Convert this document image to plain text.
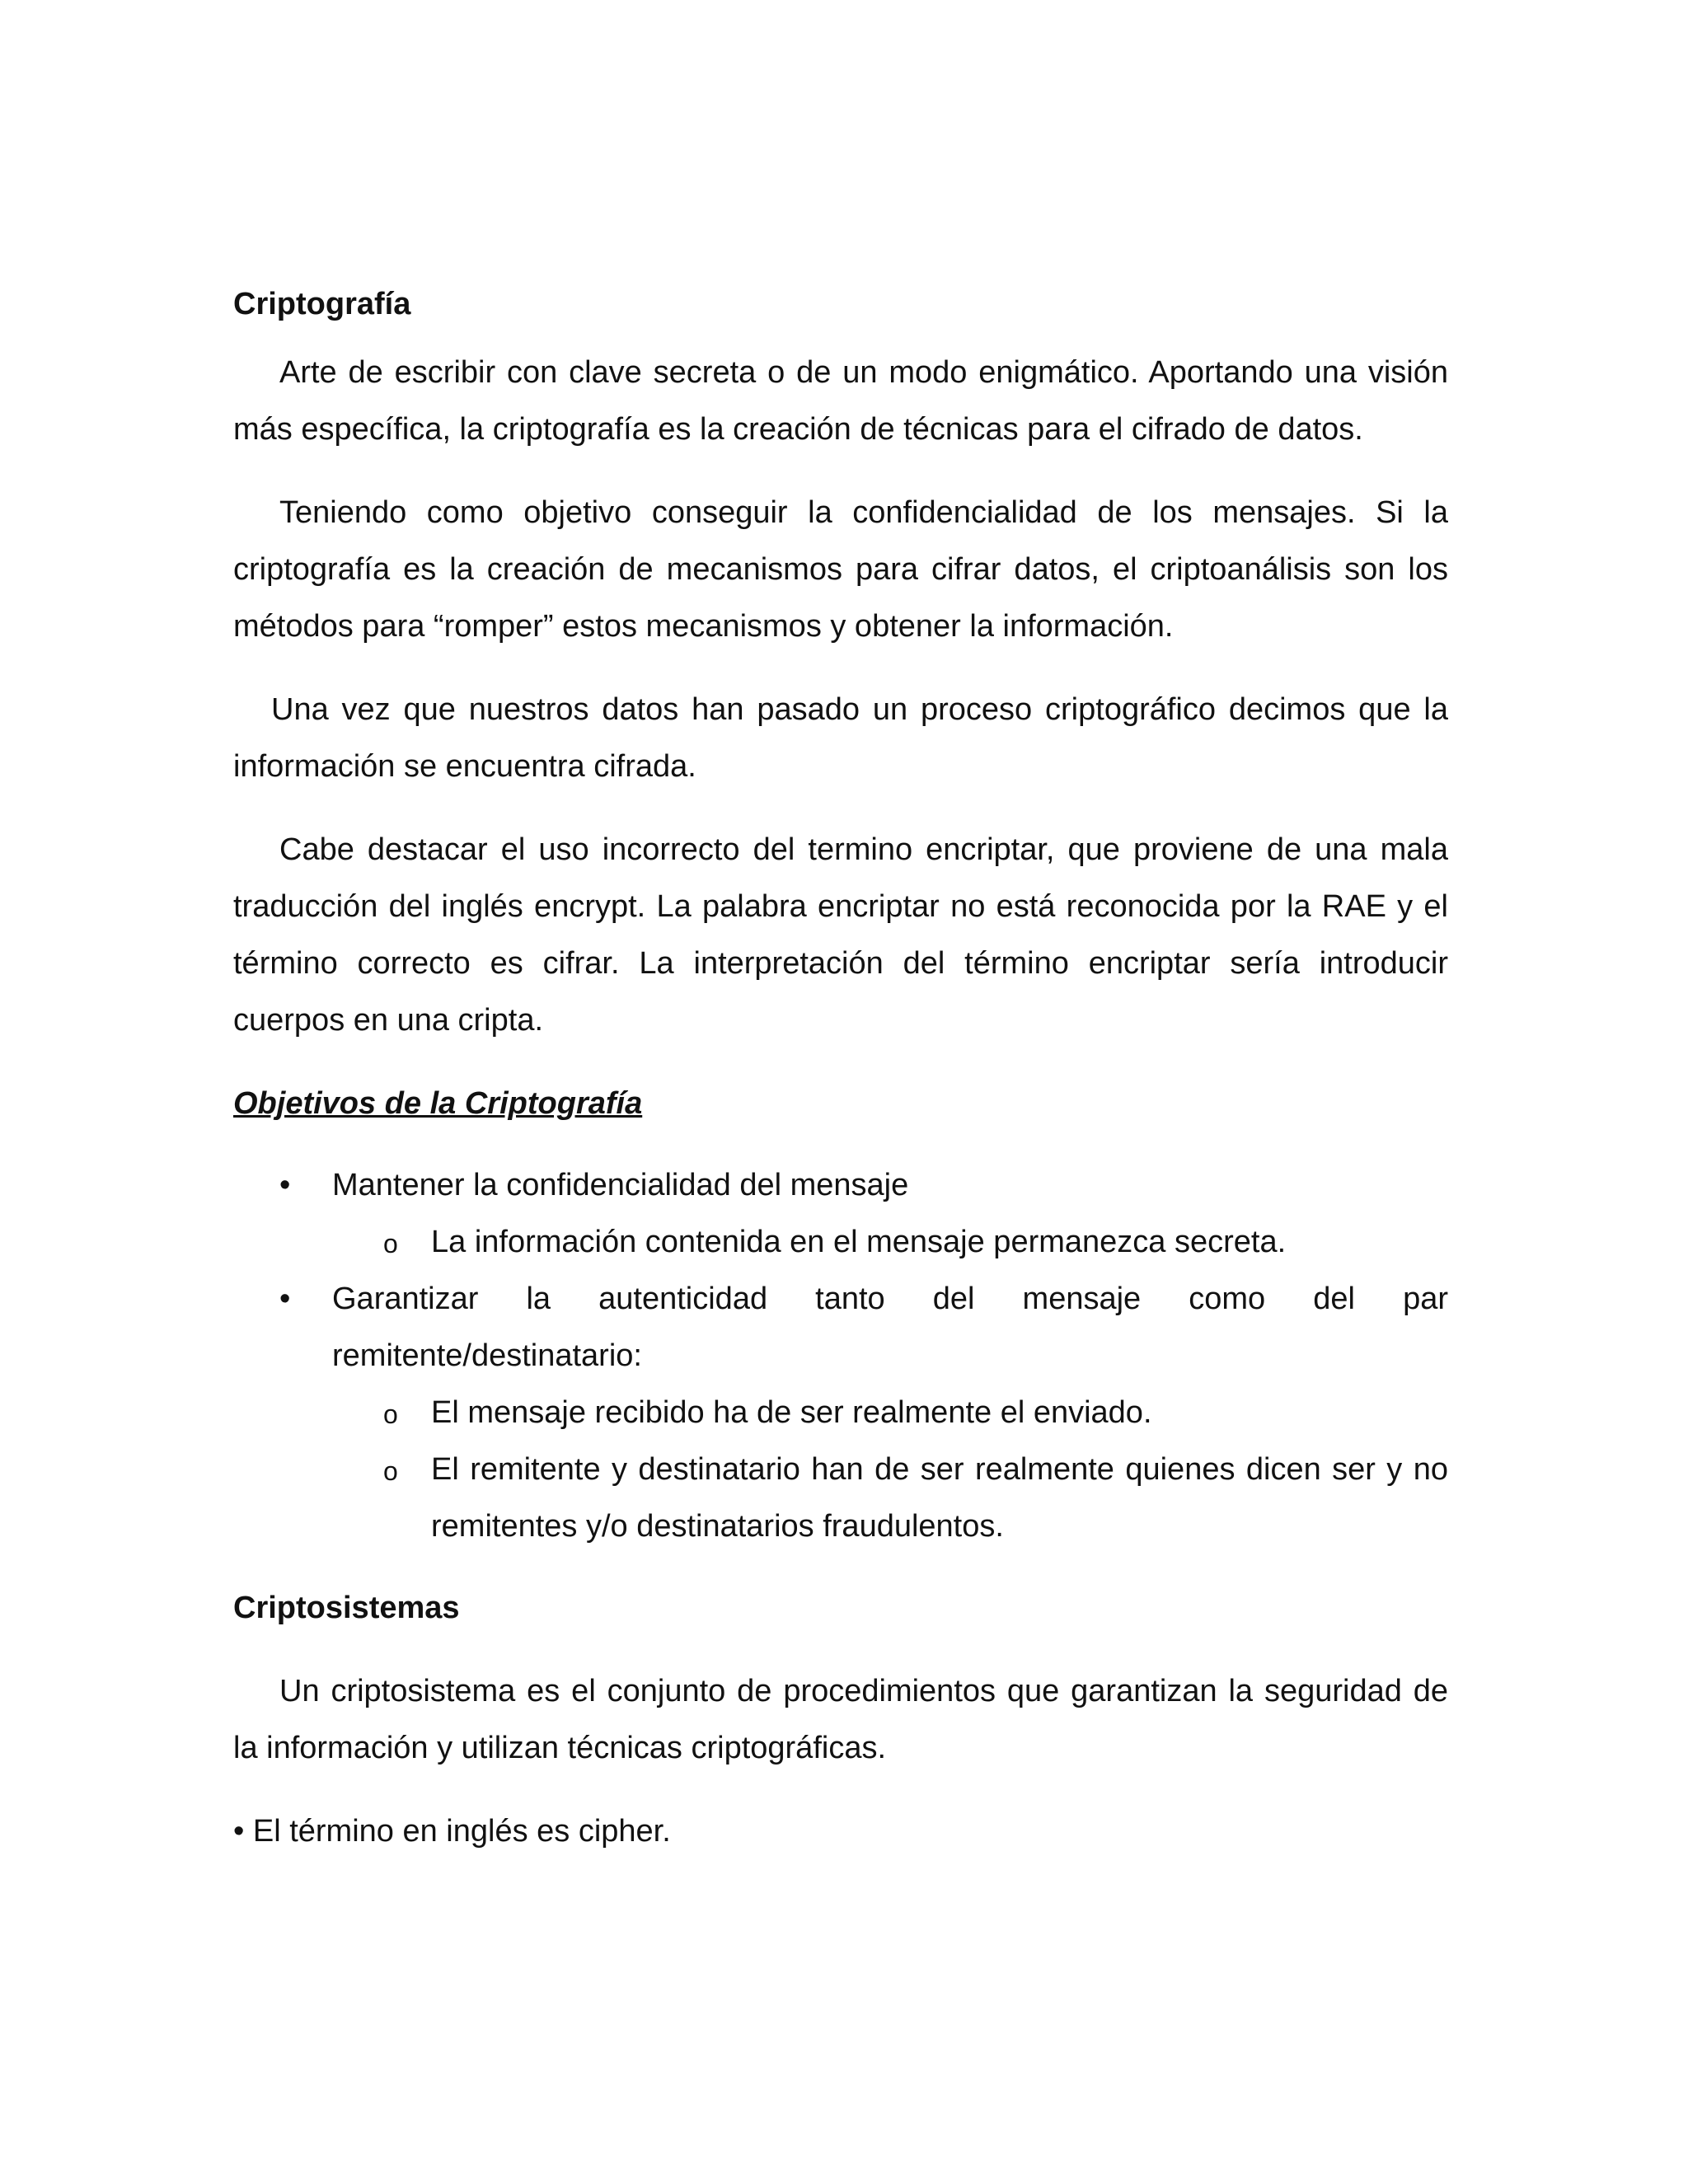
Criptografía

Arte de escribir con clave secreta o de un modo enigmático. Aportando una visión más específica, la criptografía es la creación de técnicas para el cifrado de datos.

Teniendo como objetivo conseguir la confidencialidad de los mensajes. Si la criptografía es la creación de mecanismos para cifrar datos, el criptoanálisis son los métodos para “romper” estos mecanismos y obtener la información.

Una vez que nuestros datos han pasado un proceso criptográfico decimos que la información se encuentra cifrada.

Cabe destacar el uso incorrecto del termino encriptar, que proviene de una mala traducción del inglés encrypt. La palabra encriptar no está reconocida por la RAE y el término correcto es cifrar. La interpretación del término encriptar sería introducir cuerpos en una cripta.

Objetivos de la Criptografía
• Mantener la confidencialidad del mensaje
o La información contenida en el mensaje permanezca secreta.
• Garantizar la autenticidad tanto del mensaje como del par remitente/destinatario:
o El mensaje recibido ha de ser realmente el enviado.
o El remitente y destinatario han de ser realmente quienes dicen ser y no remitentes y/o destinatarios fraudulentos.
Criptosistemas

Un criptosistema es el conjunto de procedimientos que garantizan la seguridad de la información y utilizan técnicas criptográficas.

• El término en inglés es cipher.
